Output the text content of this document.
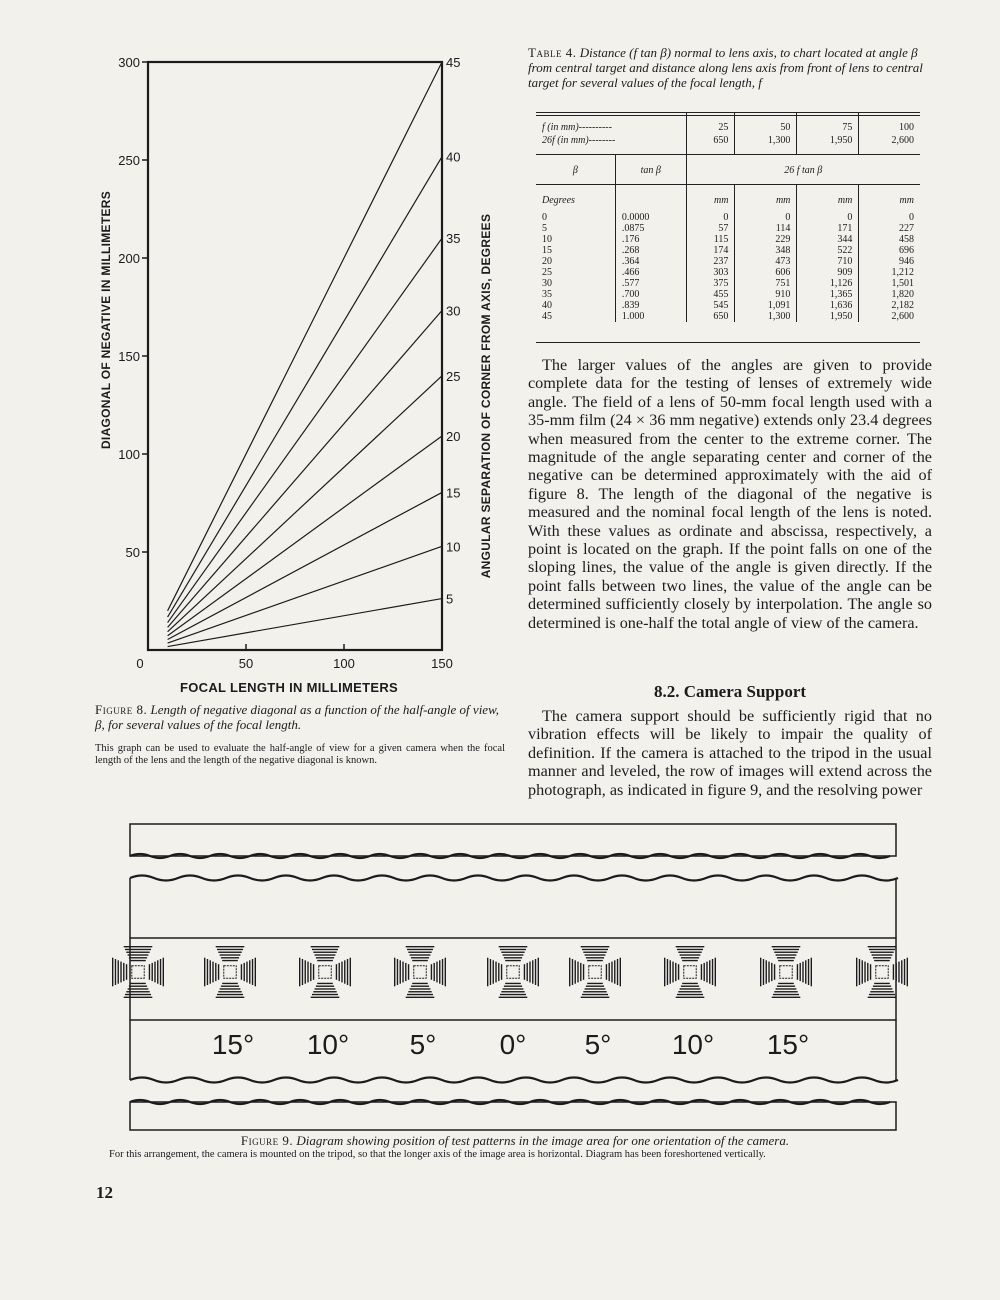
5
10
15
20
25
30
35
40
45
50
100
150
200
250
300
0	50	100	150
DIAGONAL OF NEGATIVE IN MILLIMETERS	ANGULAR SEPARATION OF CORNER FROM AXIS, DEGREES
FOCAL LENGTH IN MILLIMETERS
Figure 8. Length of negative diagonal as a function of the half-angle of view, β, for several values of the focal length.
This graph can be used to evaluate the half-angle of view for a given camera when the focal length of the lens and the length of the negative diagonal is known.
Table 4. Distance (f tan β) normal to lens axis, to chart located at angle β from central target and distance along lens axis from front of lens to central target for several values of the focal length, f
f (in mm)----------		25	50	75	100
26f (in mm)--------		650	1,300	1,950	2,600
β	tan β	26 f tan β			
Degrees		mm	mm	mm	mm
0	0.0000	0	0	0	0
5	.0875	57	114	171	227
10	.176	115	229	344	458
15	.268	174	348	522	696
20	.364	237	473	710	946
25	.466	303	606	909	1,212
30	.577	375	751	1,126	1,501
35	.700	455	910	1,365	1,820
40	.839	545	1,091	1,636	2,182
45	1.000	650	1,300	1,950	2,600
The larger values of the angles are given to provide complete data for the testing of lenses of extremely wide angle. The field of a lens of 50-mm focal length used with a 35-mm film (24 × 36 mm negative) extends only 23.4 degrees when measured from the center to the extreme corner. The magnitude of the angle separating center and corner of the negative can be determined approximately with the aid of figure 8. The length of the diagonal of the negative is measured and the nominal focal length of the lens is noted. With these values as ordinate and abscissa, respectively, a point is located on the graph. If the point falls on one of the sloping lines, the value of the angle is given directly. If the point falls between two lines, the value of the angle can be determined sufficiently closely by interpolation. The angle so determined is one-half the total angle of view of the camera.
8.2. Camera Support
The camera support should be sufficiently rigid that no vibration effects will be likely to impair the quality of definition. If the camera is attached to the tripod in the usual manner and leveled, the row of images will extend across the photograph, as indicated in figure 9, and the resolving power
15° 10° 5° 0° 5° 10° 15°
Figure 9. Diagram showing position of test patterns in the image area for one orientation of the camera.
For this arrangement, the camera is mounted on the tripod, so that the longer axis of the image area is horizontal. Diagram has been foreshortened vertically.
12
